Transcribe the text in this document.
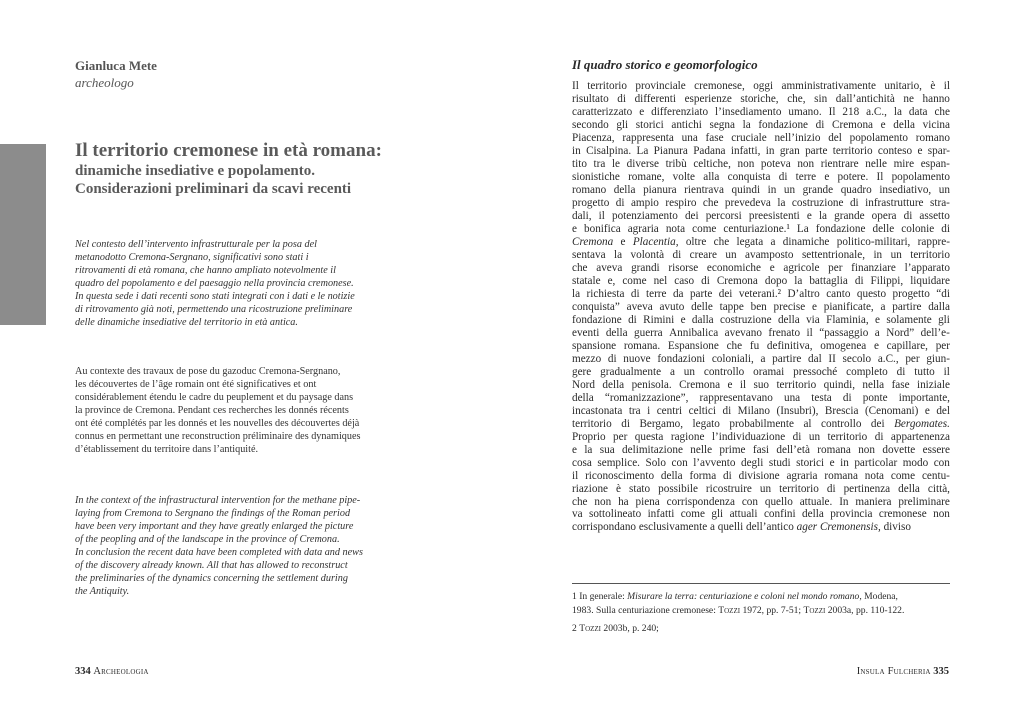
Gianluca Mete
archeologo
Il territorio cremonese in età romana:
dinamiche insediative e popolamento.
Considerazioni preliminari da scavi recenti

Nel contesto dell’intervento infrastrutturale per la posa del

metanodotto Cremona-Sergnano, significativi sono stati i

ritrovamenti di età romana, che hanno ampliato notevolmente il

quadro del popolamento e del paesaggio nella provincia cremonese.

In questa sede i dati recenti sono stati integrati con i dati e le notizie

di ritrovamento già noti, permettendo una ricostruzione preliminare

delle dinamiche insediative del territorio in età antica.

Au contexte des travaux de pose du gazoduc Cremona-Sergnano,

les découvertes de l’âge romain ont été significatives et ont

considérablement étendu le cadre du peuplement et du paysage dans

la province de Cremona. Pendant ces recherches les donnés récents

ont été complétés par les donnés et les nouvelles des découvertes déjà

connus en permettant une reconstruction préliminaire des dynamiques

d’établissement du territoire dans l’antiquité.

In the context of the infrastructural intervention for the methane pipe-

laying from Cremona to Sergnano the findings of the Roman period

have been very important and they have greatly enlarged the picture

of the peopling and of the landscape in the province of Cremona.

In conclusion the recent data have been completed with data and news

of the discovery already known. All that has allowed to reconstruct

the preliminaries of the dynamics concerning the settlement during

the Antiquity.

334 Archeologia
Il quadro storico e geomorfologico
Il territorio provinciale cremonese, oggi amministrativamente unitario, è il
risultato di differenti esperienze storiche, che, sin dall’antichità ne hanno
caratterizzato e differenziato l’insediamento umano. Il 218 a.C., la data che
secondo gli storici antichi segna la fondazione di Cremona e della vicina
Piacenza, rappresenta una fase cruciale nell’inizio del popolamento romano
in Cisalpina. La Pianura Padana infatti, in gran parte territorio conteso e spar-
tito tra le diverse tribù celtiche, non poteva non rientrare nelle mire espan-
sionistiche romane, volte alla conquista di terre e potere. Il popolamento
romano della pianura rientrava quindi in un grande quadro insediativo, un
progetto di ampio respiro che prevedeva la costruzione di infrastrutture stra-
dali, il potenziamento dei percorsi preesistenti e la grande opera di assetto
e bonifica agraria nota come centuriazione.¹ La fondazione delle colonie di
Cremona e Placentia, oltre che legata a dinamiche politico-militari, rappre-
sentava la volontà di creare un avamposto settentrionale, in un territorio
che aveva grandi risorse economiche e agricole per finanziare l’apparato
statale e, come nel caso di Cremona dopo la battaglia di Filippi, liquidare
la richiesta di terre da parte dei veterani.² D’altro canto questo progetto “di
conquista” aveva avuto delle tappe ben precise e pianificate, a partire dalla
fondazione di Rimini e dalla costruzione della via Flaminia, e solamente gli
eventi della guerra Annibalica avevano frenato il “passaggio a Nord” dell’e-
spansione romana. Espansione che fu definitiva, omogenea e capillare, per
mezzo di nuove fondazioni coloniali, a partire dal II secolo a.C., per giun-
gere gradualmente a un controllo oramai pressoché completo di tutto il
Nord della penisola. Cremona e il suo territorio quindi, nella fase iniziale
della “romanizzazione”, rappresentavano una testa di ponte importante,
incastonata tra i centri celtici di Milano (Insubri), Brescia (Cenomani) e del
territorio di Bergamo, legato probabilmente al controllo dei Bergomates.
Proprio per questa ragione l’individuazione di un territorio di appartenenza
e la sua delimitazione nelle prime fasi dell’età romana non dovette essere
cosa semplice. Solo con l’avvento degli studi storici e in particolar modo con
il riconoscimento della forma di divisione agraria romana nota come centu-
riazione è stato possibile ricostruire un territorio di pertinenza della città,
che non ha piena corrispondenza con quello attuale. In maniera preliminare
va sottolineato infatti come gli attuali confini della provincia cremonese non
corrispondano esclusivamente a quelli dell’antico ager Cremonensis, diviso
1 In generale: Misurare la terra: centuriazione e coloni nel mondo romano, Modena,
1983. Sulla centuriazione cremonese: Tozzi 1972, pp. 7-51; Tozzi 2003a, pp. 110-122.
2 Tozzi 2003b, p. 240;
Insula Fulcheria 335
